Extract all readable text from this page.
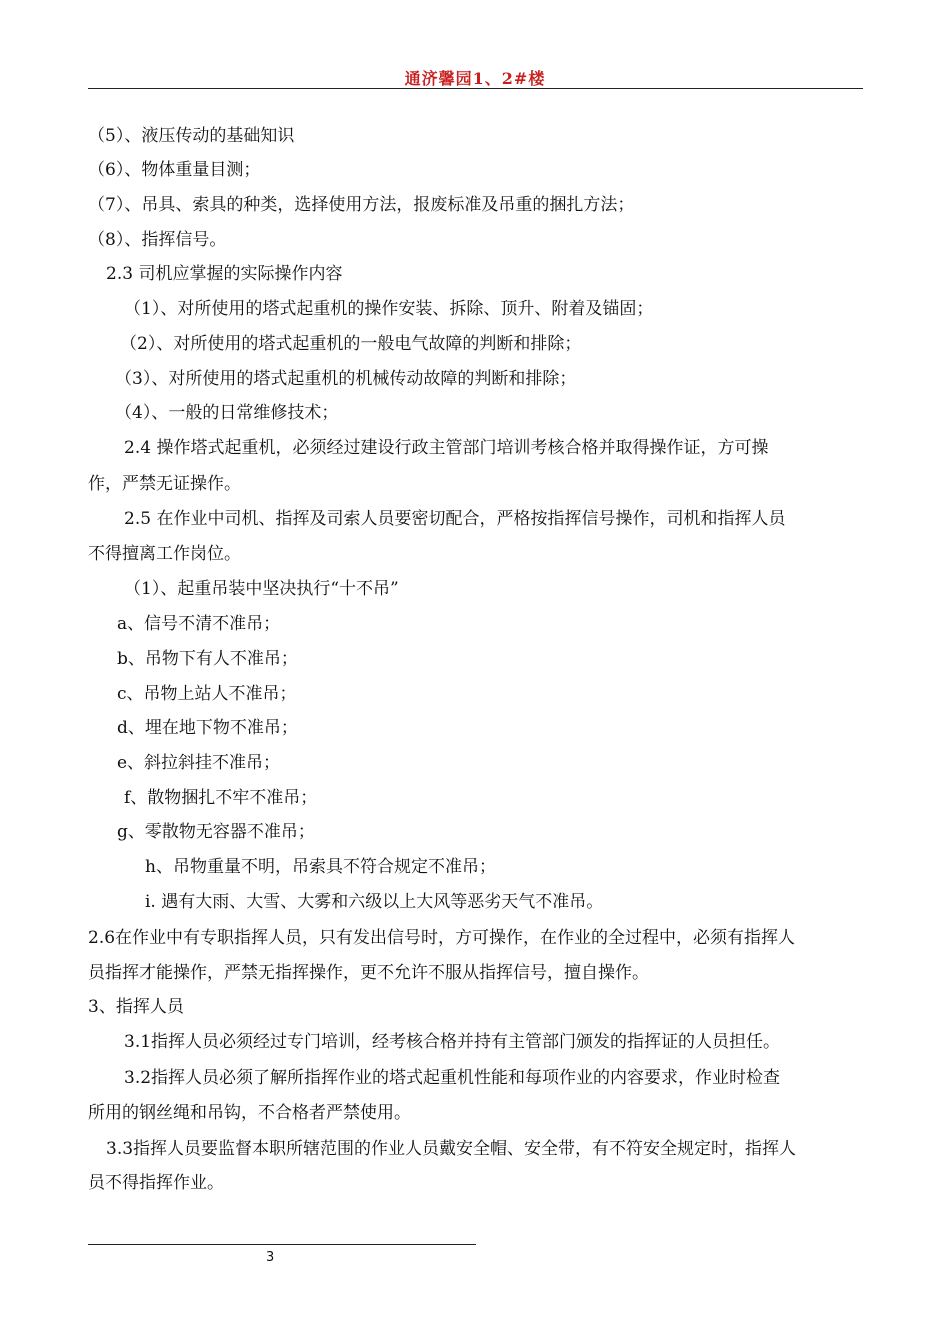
通济馨园1、2#楼
（5）、液压传动的基础知识
（6）、物体重量目测；
（7）、吊具、索具的种类，选择使用方法，报废标准及吊重的捆扎方法；
（8）、指挥信号。
2.3 司机应掌握的实际操作内容
（1）、对所使用的塔式起重机的操作安装、拆除、顶升、附着及锚固；
（2）、对所使用的塔式起重机的一般电气故障的判断和排除；
（3）、对所使用的塔式起重机的机械传动故障的判断和排除；
（4）、一般的日常维修技术；
2.4 操作塔式起重机，必须经过建设行政主管部门培训考核合格并取得操作证，方可操
作，严禁无证操作。
2.5 在作业中司机、指挥及司索人员要密切配合，严格按指挥信号操作，司机和指挥人员
不得擅离工作岗位。
（1）、起重吊装中坚决执行“十不吊”
a、信号不清不准吊；
b、吊物下有人不准吊；
c、吊物上站人不准吊；
d、埋在地下物不准吊；
e、斜拉斜挂不准吊；
f、散物捆扎不牢不准吊；
g、零散物无容器不准吊；
h、吊物重量不明，吊索具不符合规定不准吊；
i. 遇有大雨、大雪、大雾和六级以上大风等恶劣天气不准吊。
2.6在作业中有专职指挥人员，只有发出信号时，方可操作，在作业的全过程中，必须有指挥人
员指挥才能操作，严禁无指挥操作，更不允许不服从指挥信号，擅自操作。
3、指挥人员
3.1指挥人员必须经过专门培训，经考核合格并持有主管部门颁发的指挥证的人员担任。
3.2指挥人员必须了解所指挥作业的塔式起重机性能和每项作业的内容要求，作业时检查
所用的钢丝绳和吊钩，不合格者严禁使用。
3.3指挥人员要监督本职所辖范围的作业人员戴安全帽、安全带，有不符安全规定时，指挥人
员不得指挥作业。
3
